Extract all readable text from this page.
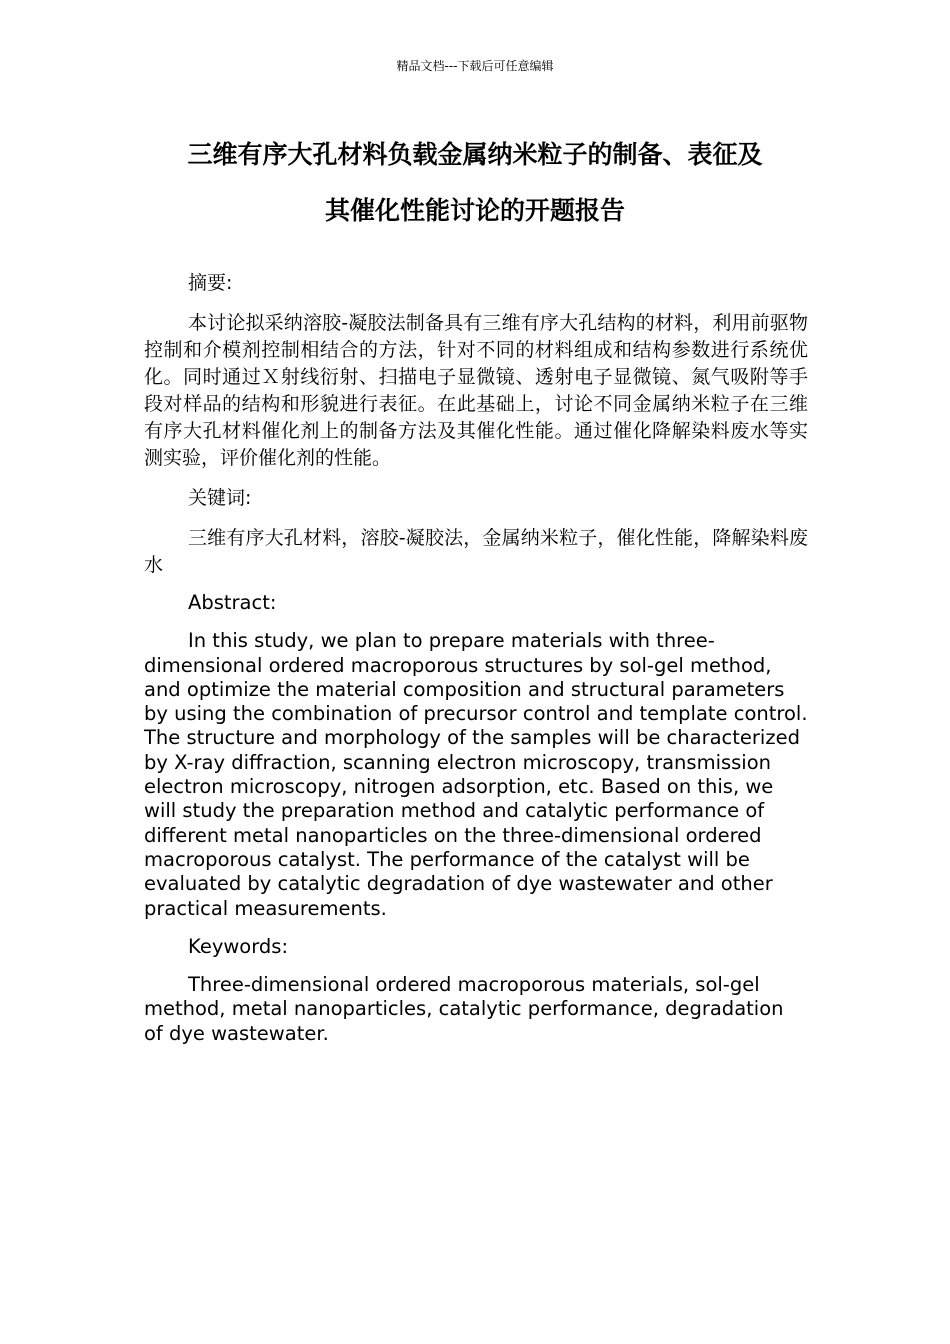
精品文档---下载后可任意编辑
三维有序大孔材料负载金属纳米粒子的制备、表征及
其催化性能讨论的开题报告

摘要:

本讨论拟采纳溶胶-凝胶法制备具有三维有序大孔结构的材料，利用前驱物控制和介模剂控制相结合的方法，针对不同的材料组成和结构参数进行系统优化。同时通过Ｘ射线衍射、扫描电子显微镜、透射电子显微镜、氮气吸附等手段对样品的结构和形貌进行表征。在此基础上，讨论不同金属纳米粒子在三维有序大孔材料催化剂上的制备方法及其催化性能。通过催化降解染料废水等实测实验，评价催化剂的性能。

关键词:

三维有序大孔材料，溶胶-凝胶法，金属纳米粒子，催化性能，降解染料废水

Abstract:

In this study, we plan to prepare materials with three-dimensional ordered macroporous structures by sol-gel method, and optimize the material composition and structural parameters by using the combination of precursor control and template control. The structure and morphology of the samples will be characterized by X-ray diffraction, scanning electron microscopy, transmission electron microscopy, nitrogen adsorption, etc. Based on this, we will study the preparation method and catalytic performance of different metal nanoparticles on the three-dimensional ordered macroporous catalyst. The performance of the catalyst will be evaluated by catalytic degradation of dye wastewater and other practical measurements.

Keywords:

Three-dimensional ordered macroporous materials, sol-gel method, metal nanoparticles, catalytic performance, degradation of dye wastewater.
